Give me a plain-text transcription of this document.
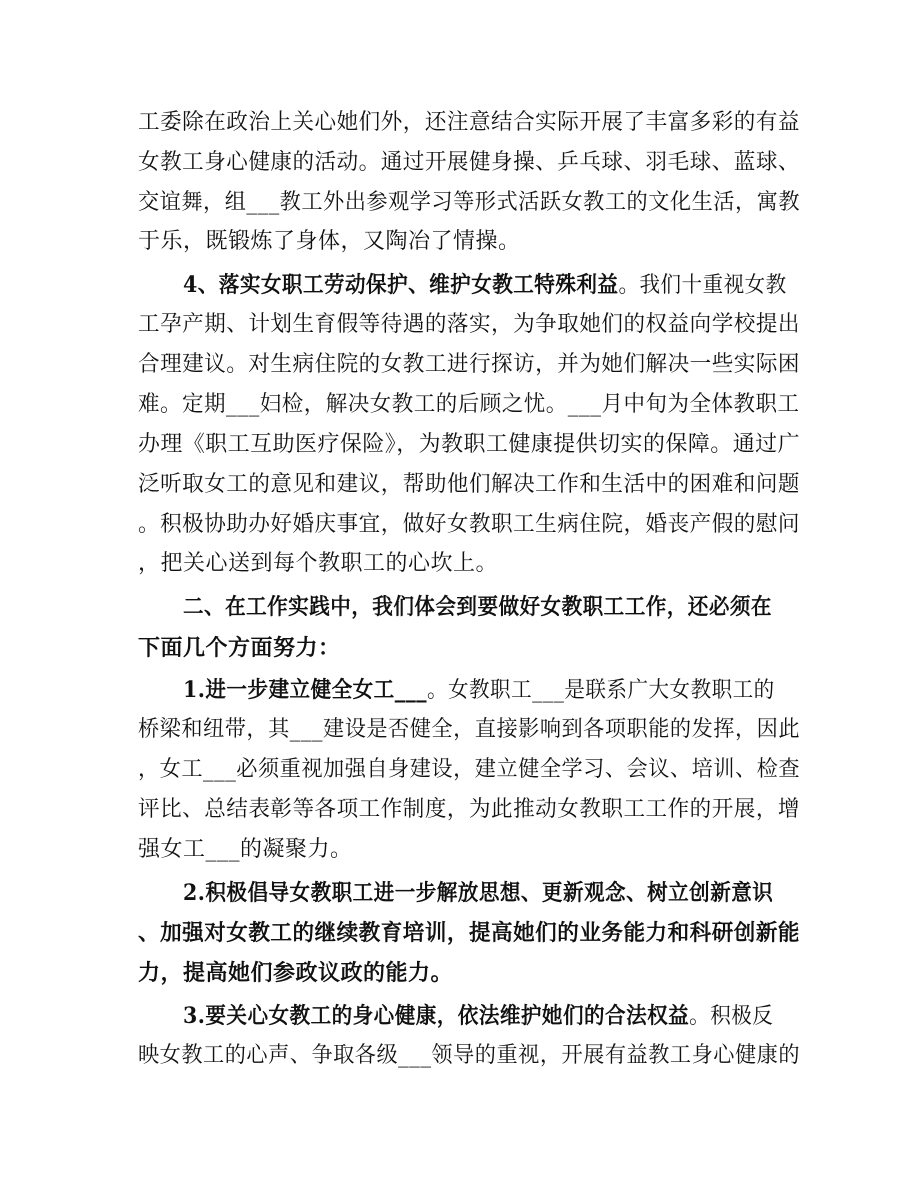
工委除在政治上关心她们外，还注意结合实际开展了丰富多彩的有益
女教工身心健康的活动。通过开展健身操、乒乓球、羽毛球、蓝球、
交谊舞，组___教工外出参观学习等形式活跃女教工的文化生活，寓教
于乐，既锻炼了身体，又陶冶了情操。
4、落实女职工劳动保护、维护女教工特殊利益。我们十重视女教
工孕产期、计划生育假等待遇的落实，为争取她们的权益向学校提出
合理建议。对生病住院的女教工进行探访，并为她们解决一些实际困
难。定期___妇检，解决女教工的后顾之忧。___月中旬为全体教职工
办理《职工互助医疗保险》，为教职工健康提供切实的保障。通过广
泛听取女工的意见和建议，帮助他们解决工作和生活中的困难和问题
。积极协助办好婚庆事宜，做好女教职工生病住院，婚丧产假的慰问
，把关心送到每个教职工的心坎上。
二、在工作实践中，我们体会到要做好女教职工工作，还必须在
下面几个方面努力：
1.进一步建立健全女工___。女教职工___是联系广大女教职工的
桥梁和纽带，其___建设是否健全，直接影响到各项职能的发挥，因此
，女工___必须重视加强自身建设，建立健全学习、会议、培训、检查
评比、总结表彰等各项工作制度，为此推动女教职工工作的开展，增
强女工___的凝聚力。
2.积极倡导女教职工进一步解放思想、更新观念、树立创新意识
、加强对女教工的继续教育培训，提高她们的业务能力和科研创新能
力，提高她们参政议政的能力。
3.要关心女教工的身心健康，依法维护她们的合法权益。积极反
映女教工的心声、争取各级___领导的重视，开展有益教工身心健康的
